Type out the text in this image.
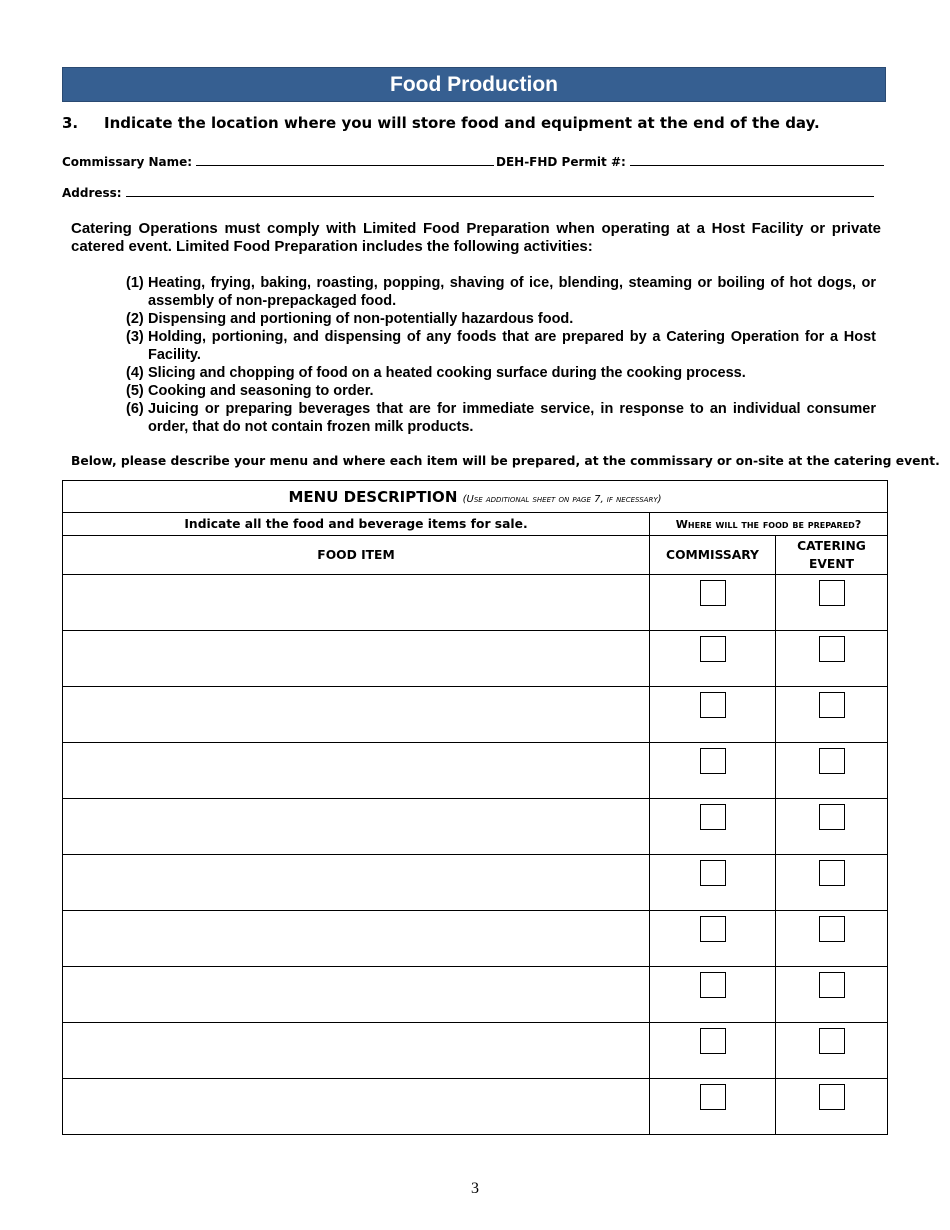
Food Production
3. Indicate the location where you will store food and equipment at the end of the day.
Commissary Name:	DEH-FHD Permit #:
Address:
Catering Operations must comply with Limited Food Preparation when operating at a Host Facility or private catered event. Limited Food Preparation includes the following activities:
(1) Heating, frying, baking, roasting, popping, shaving of ice, blending, steaming or boiling of hot dogs, or assembly of non-prepackaged food.
(2) Dispensing and portioning of non-potentially hazardous food.
(3) Holding, portioning, and dispensing of any foods that are prepared by a Catering Operation for a Host Facility.
(4) Slicing and chopping of food on a heated cooking surface during the cooking process.
(5) Cooking and seasoning to order.
(6) Juicing or preparing beverages that are for immediate service, in response to an individual consumer order, that do not contain frozen milk products.
Below, please describe your menu and where each item will be prepared, at the commissary or on-site at the catering event.
MENU DESCRIPTION (Use additional sheet on page 7, if necessary)		
Indicate all the food and beverage items for sale.	Where will the food be prepared?	
FOOD ITEM	COMMISSARY	CATERING
EVENT

3
